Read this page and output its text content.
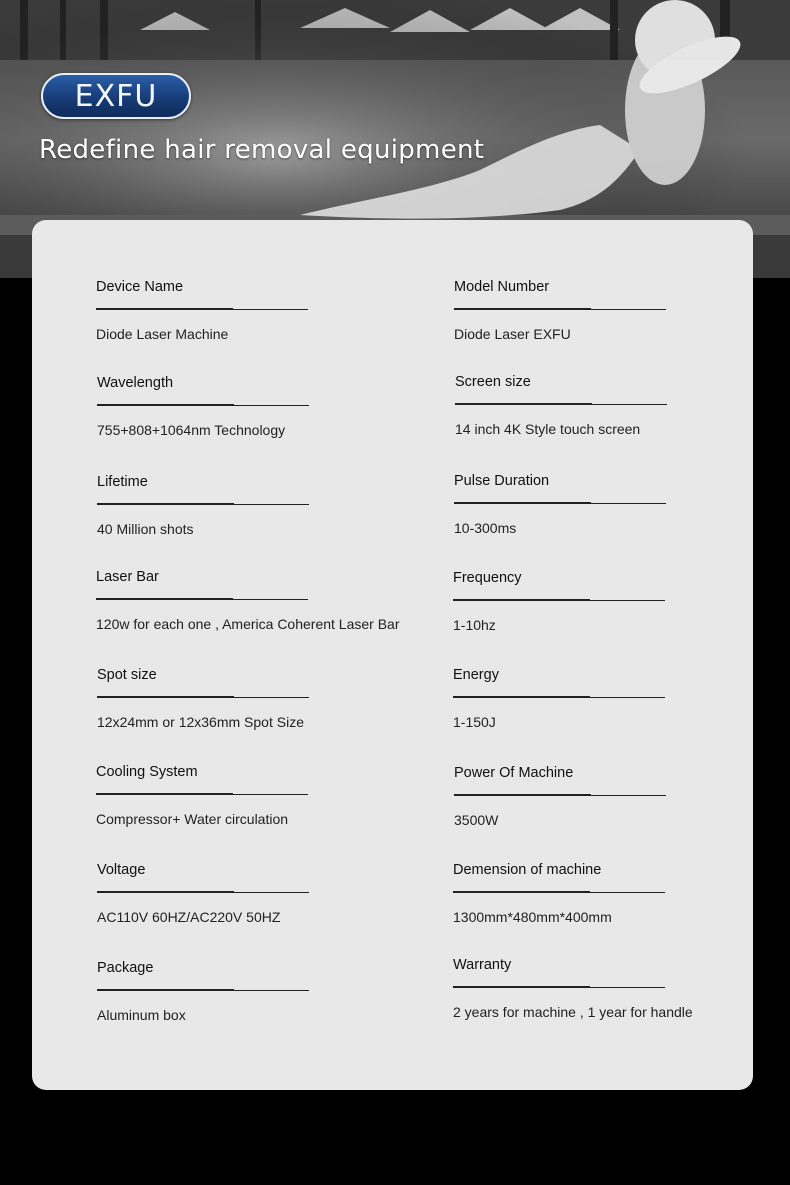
EXFU
Redefine hair removal equipment
Device Name
Diode Laser Machine
Model Number
Diode Laser EXFU
Wavelength
755+808+1064nm Technology
Screen size
14 inch 4K Style touch screen
Lifetime
40 Million shots
Pulse Duration
10-300ms
Laser Bar
120w for each one , America Coherent Laser Bar
Frequency
1-10hz
Spot size
12x24mm or 12x36mm Spot Size
Energy
1-150J
Cooling System
Compressor+ Water circulation
Power Of Machine
3500W
Voltage
AC110V 60HZ/AC220V 50HZ
Demension of machine
1300mm*480mm*400mm
Package
Aluminum box
Warranty
2 years for machine , 1 year for handle
